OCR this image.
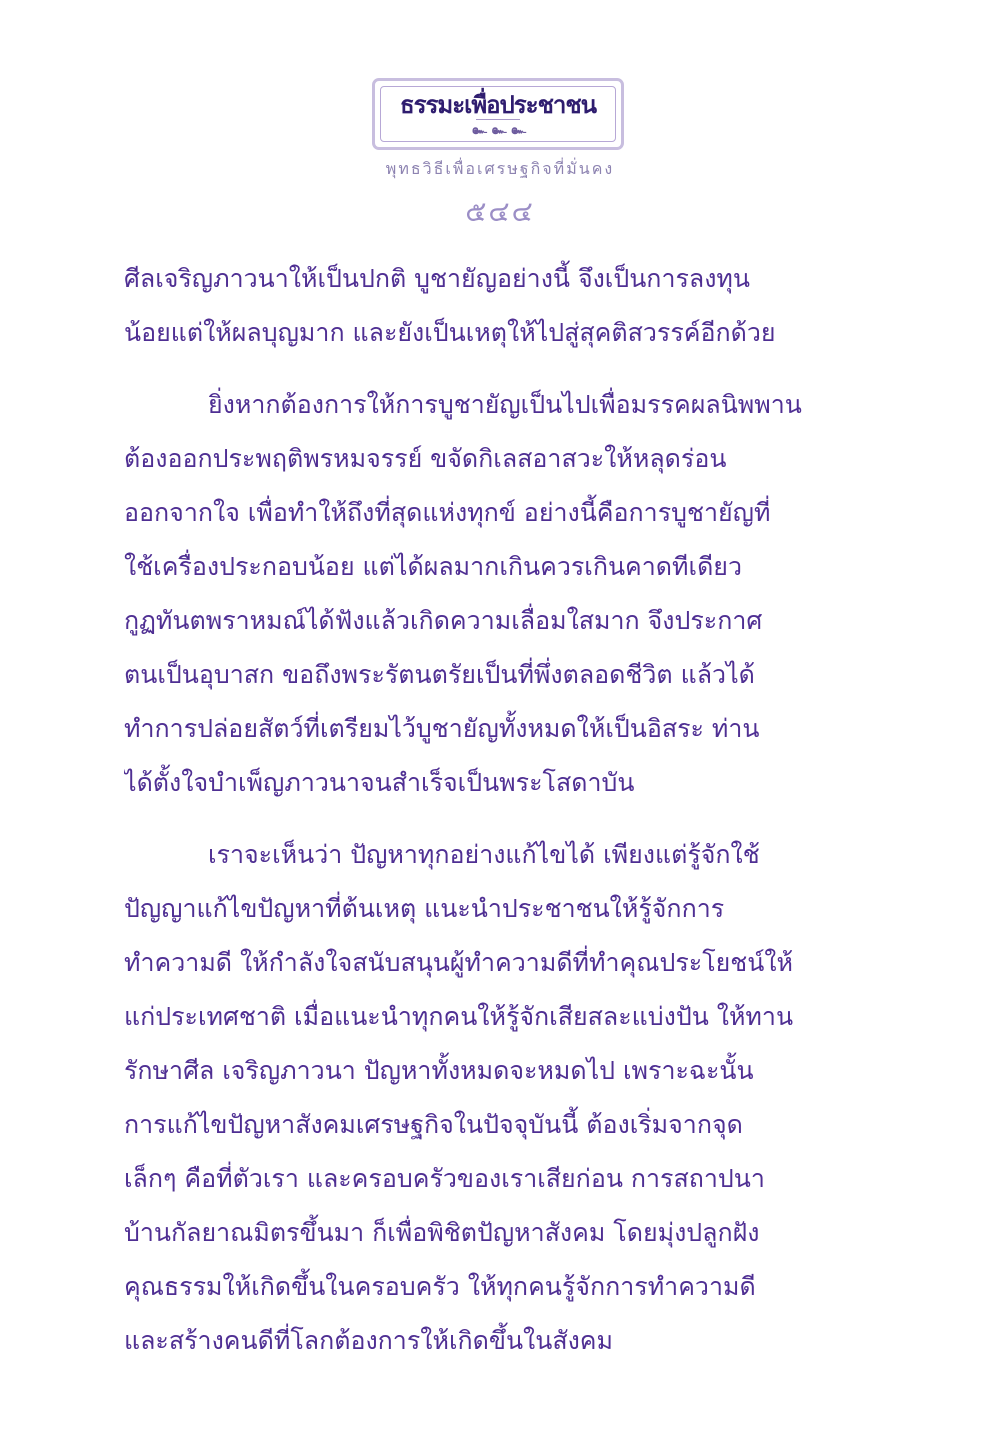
ธรรมะเพื่อประชาชน
๛ ๛ ๛
พุทธวิธีเพื่อเศรษฐกิจที่มั่นคง
๕๔๔
ศีลเจริญภาวนาให้เป็นปกติ บูชายัญอย่างนี้ จึงเป็นการลงทุน
น้อยแต่ให้ผลบุญมาก และยังเป็นเหตุให้ไปสู่สุคติสวรรค์อีกด้วย
ยิ่งหากต้องการให้การบูชายัญเป็นไปเพื่อมรรคผลนิพพาน
ต้องออกประพฤติพรหมจรรย์ ขจัดกิเลสอาสวะให้หลุดร่อน
ออกจากใจ เพื่อทำให้ถึงที่สุดแห่งทุกข์ อย่างนี้คือการบูชายัญที่
ใช้เครื่องประกอบน้อย แต่ได้ผลมากเกินควรเกินคาดทีเดียว
กูฏทันตพราหมณ์ได้ฟังแล้วเกิดความเลื่อมใสมาก จึงประกาศ
ตนเป็นอุบาสก ขอถึงพระรัตนตรัยเป็นที่พึ่งตลอดชีวิต แล้วได้
ทำการปล่อยสัตว์ที่เตรียมไว้บูชายัญทั้งหมดให้เป็นอิสระ ท่าน
ได้ตั้งใจบำเพ็ญภาวนาจนสำเร็จเป็นพระโสดาบัน
เราจะเห็นว่า ปัญหาทุกอย่างแก้ไขได้ เพียงแต่รู้จักใช้
ปัญญาแก้ไขปัญหาที่ต้นเหตุ แนะนำประชาชนให้รู้จักการ
ทำความดี ให้กำลังใจสนับสนุนผู้ทำความดีที่ทำคุณประโยชน์ให้
แก่ประเทศชาติ เมื่อแนะนำทุกคนให้รู้จักเสียสละแบ่งปัน ให้ทาน
รักษาศีล เจริญภาวนา ปัญหาทั้งหมดจะหมดไป เพราะฉะนั้น
การแก้ไขปัญหาสังคมเศรษฐกิจในปัจจุบันนี้ ต้องเริ่มจากจุด
เล็กๆ คือที่ตัวเรา และครอบครัวของเราเสียก่อน การสถาปนา
บ้านกัลยาณมิตรขึ้นมา ก็เพื่อพิชิตปัญหาสังคม โดยมุ่งปลูกฝัง
คุณธรรมให้เกิดขึ้นในครอบครัว ให้ทุกคนรู้จักการทำความดี
และสร้างคนดีที่โลกต้องการให้เกิดขึ้นในสังคม
